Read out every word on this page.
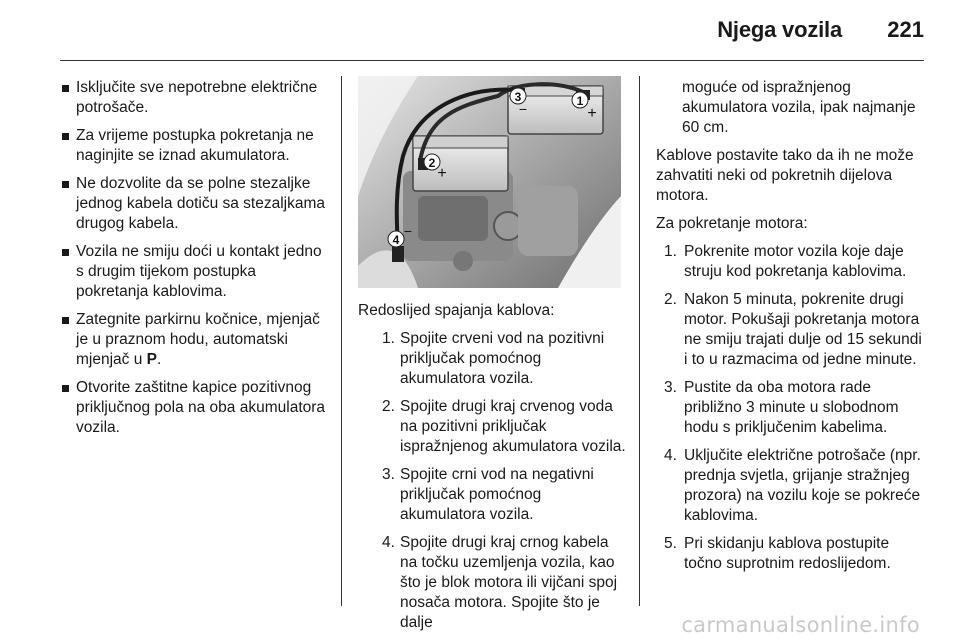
Njega vozila 221
Isključite sve nepotrebne električne potrošače.
Za vrijeme postupka pokretanja ne naginjite se iznad akumulatora.
Ne dozvolite da se polne stezaljke jednog kabela dotiču sa stezaljkama drugog kabela.
Vozila ne smiju doći u kontakt jedno s drugim tijekom postupka pokretanja kablovima.
Zategnite parkirnu kočnice, mjenjač je u praznom hodu, automatski mjenjač u P.
Otvorite zaštitne kapice pozitivnog priključnog pola na oba akumulatora vozila.
1
+
3
−
2
+
4
−

Redoslijed spajanja kablova:

1. Spojite crveni vod na pozitivni priključak pomoćnog akumulatora vozila.
2. Spojite drugi kraj crvenog voda na pozitivni priključak ispražnjenog akumulatora vozila.
3. Spojite crni vod na negativni priključak pomoćnog akumulatora vozila.
4. Spojite drugi kraj crnog kabela na točku uzemljenja vozila, kao što je blok motora ili vijčani spoj nosača motora. Spojite što je dalje

moguće od ispražnjenog akumulatora vozila, ipak najmanje 60 cm.

Kablove postavite tako da ih ne može zahvatiti neki od pokretnih dijelova motora.

Za pokretanje motora:

1. Pokrenite motor vozila koje daje struju kod pokretanja kablovima.
2. Nakon 5 minuta, pokrenite drugi motor. Pokušaji pokretanja motora ne smiju trajati dulje od 15 sekundi i to u razmacima od jedne minute.
3. Pustite da oba motora rade približno 3 minute u slobodnom hodu s priključenim kabelima.
4. Uključite električne potrošače (npr. prednja svjetla, grijanje stražnjeg prozora) na vozilu koje se pokreće kablovima.
5. Pri skidanju kablova postupite točno suprotnim redoslijedom.
carmanualsonline.info
